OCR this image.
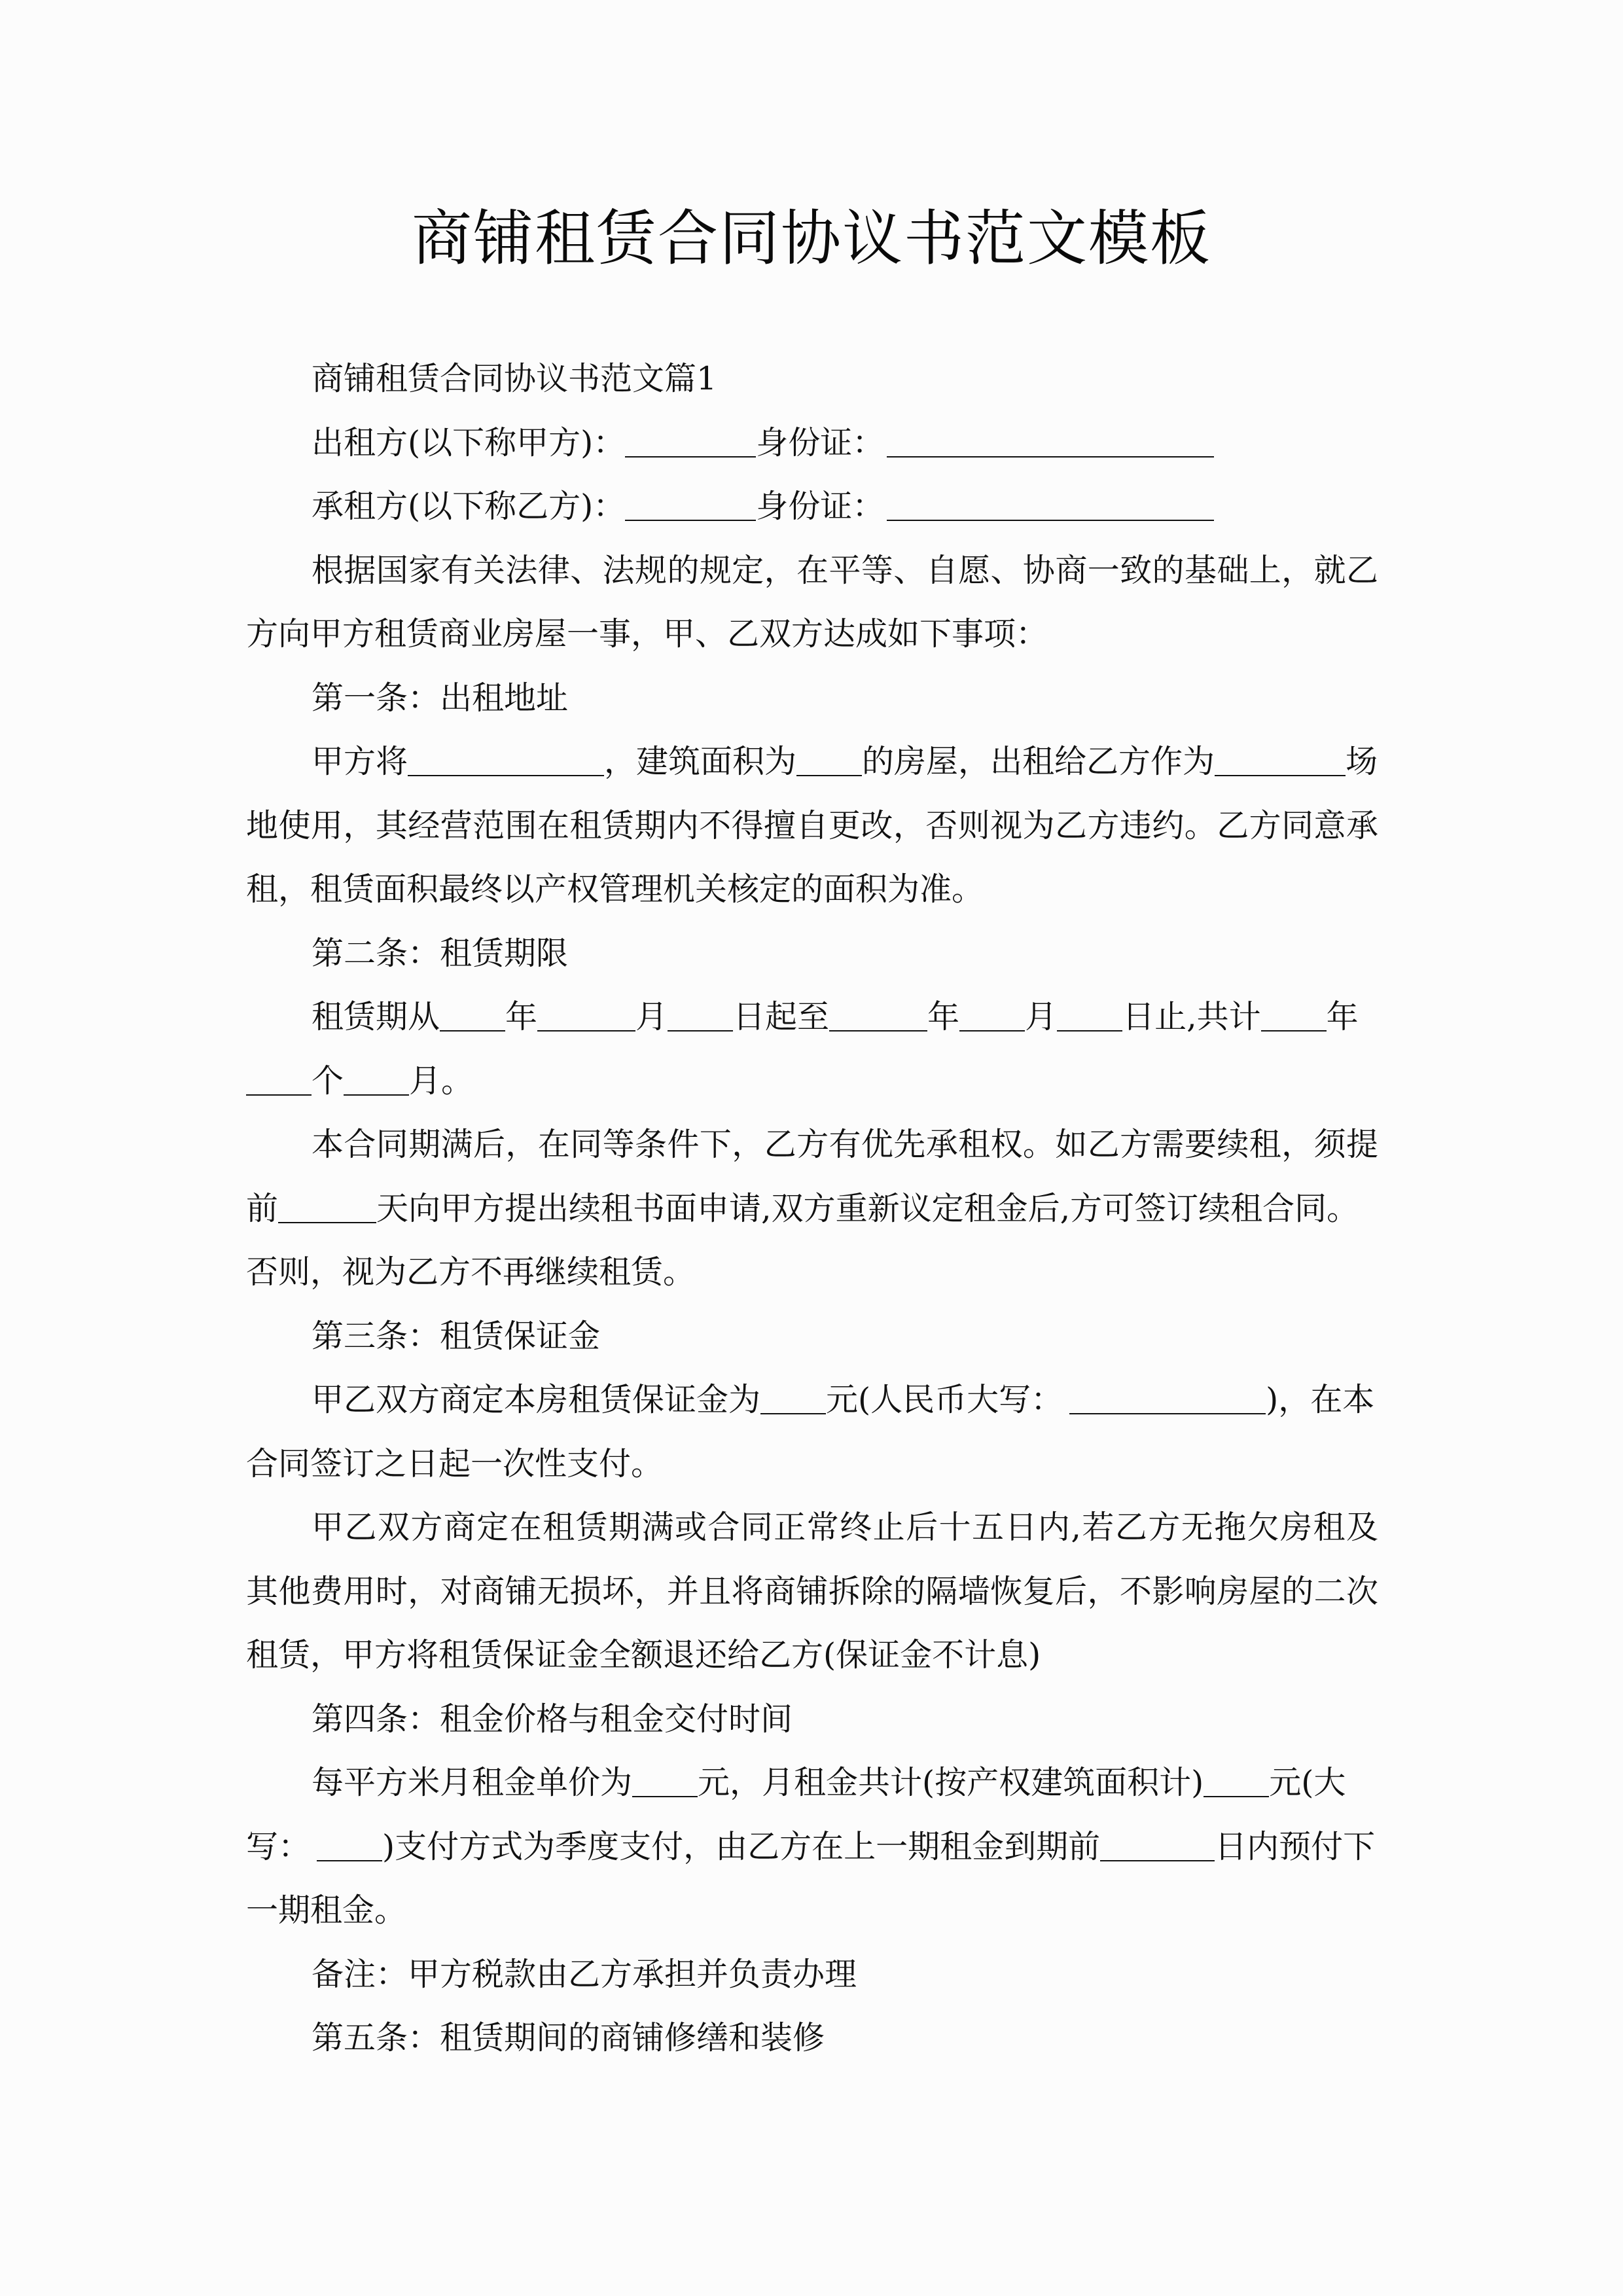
商铺租赁合同协议书范文模板
商铺租赁合同协议书范文篇1
出租方(以下称甲方)：	身份证：
承租方(以下称乙方)：	身份证：
根据国家有关法律、法规的规定，在平等、自愿、协商一致的基础上，就乙
方向甲方租赁商业房屋一事，甲、乙双方达成如下事项：
第一条：出租地址
甲方将	，建筑面积为 的房屋，出租给乙方作为	场
地使用，其经营范围在租赁期内不得擅自更改，否则视为乙方违约。乙方同意承
租，租赁面积最终以产权管理机关核定的面积为准。
第二条：租赁期限
租赁期从 年	月 日起至	年 月 日止,共计 年
个 月。
本合同期满后，在同等条件下，乙方有优先承租权。如乙方需要续租，须提
前	天向甲方提出续租书面申请,双方重新议定租金后,方可签订续租合同。
否则，视为乙方不再继续租赁。
第三条：租赁保证金
甲乙双方商定本房租赁保证金为 元(人民币大写：	)，在本
合同签订之日起一次性支付。
甲乙双方商定在租赁期满或合同正常终止后十五日内,若乙方无拖欠房租及
其他费用时，对商铺无损坏，并且将商铺拆除的隔墙恢复后，不影响房屋的二次
租赁，甲方将租赁保证金全额退还给乙方(保证金不计息)
第四条：租金价格与租金交付时间
每平方米月租金单价为 元，月租金共计(按产权建筑面积计) 元(大
写： )支付方式为季度支付，由乙方在上一期租金到期前	日内预付下
一期租金。
备注：甲方税款由乙方承担并负责办理
第五条：租赁期间的商铺修缮和装修
